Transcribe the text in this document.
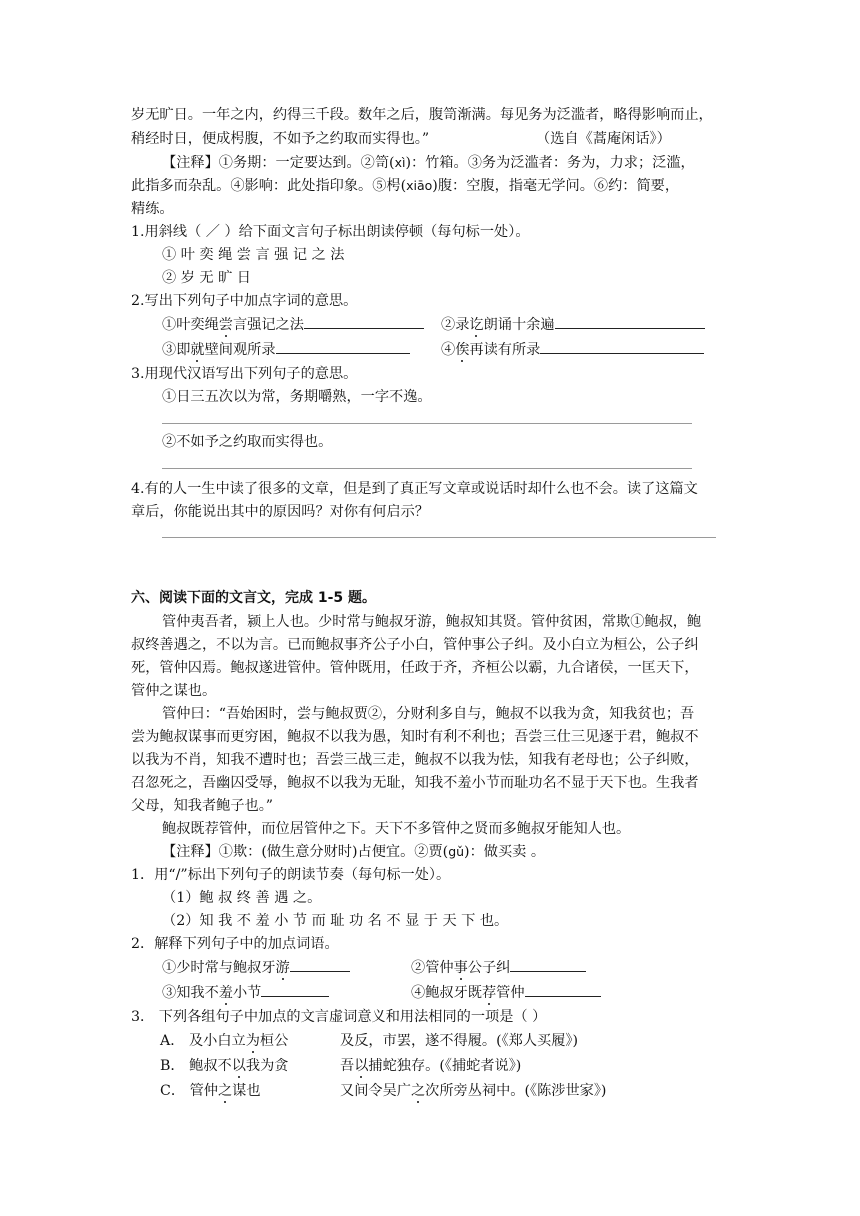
岁无旷日。一年之内，约得三千段。数年之后，腹笥渐满。每见务为泛滥者，略得影响而止，
稍经时日，便成枵腹，不如予之约取而实得也。”	（选自《蒿庵闲话》）
【注释】①务期：一定要达到。②笥(xì)：竹箱。③务为泛滥者：务为，力求；泛滥，
此指多而杂乱。④影响：此处指印象。⑤枵(xiāo)腹：空腹，指毫无学问。⑥约：简要，
精练。
1.用斜线（ ／ ）给下面文言句子标出朗读停顿（每句标一处）。
① 叶 奕 绳 尝 言 强 记 之 法
② 岁 无 旷 日
2.写出下列句子中加点字词的意思。
①叶奕绳尝言强记之法	②录讫朗诵十余遍
③即就壁间观所录	④俟再读有所录
3.用现代汉语写出下列句子的意思。
①日三五次以为常，务期嚼熟，一字不逸。
②不如予之约取而实得也。
4.有的人一生中读了很多的文章，但是到了真正写文章或说话时却什么也不会。读了这篇文
章后，你能说出其中的原因吗？对你有何启示？
六、阅读下面的文言文，完成 1-5 题。
管仲夷吾者，颍上人也。少时常与鲍叔牙游，鲍叔知其贤。管仲贫困，常欺①鲍叔，鲍
叔终善遇之，不以为言。已而鲍叔事齐公子小白，管仲事公子纠。及小白立为桓公，公子纠
死，管仲囚焉。鲍叔遂进管仲。管仲既用，任政于齐，齐桓公以霸，九合诸侯，一匡天下，
管仲之谋也。
管仲曰：“吾始困时，尝与鲍叔贾②，分财利多自与，鲍叔不以我为贪，知我贫也；吾
尝为鲍叔谋事而更穷困，鲍叔不以我为愚，知时有利不利也；吾尝三仕三见逐于君，鲍叔不
以我为不肖，知我不遭时也；吾尝三战三走，鲍叔不以我为怯，知我有老母也；公子纠败，
召忽死之，吾幽囚受辱，鲍叔不以我为无耻，知我不羞小节而耻功名不显于天下也。生我者
父母，知我者鲍子也。”
鲍叔既荐管仲，而位居管仲之下。天下不多管仲之贤而多鲍叔牙能知人也。
【注释】①欺：(做生意分财时)占便宜。②贾(gǔ)：做买卖 。
1．用“/”标出下列句子的朗读节奏（每句标一处）。
（1）鲍 叔 终 善 遇 之。
（2）知 我 不 羞 小 节 而 耻 功 名 不 显 于 天 下 也。
2．解释下列句子中的加点词语。
①少时常与鲍叔牙游	②管仲事公子纠
③知我不羞小节	④鲍叔牙既荐管仲
3． 下列各组句子中加点的文言虚词意义和用法相同的一项是（ ）
A． 及小白立为桓公	及反，市罢，遂不得履。(《郑人买履》)
B． 鲍叔不以我为贪	吾以捕蛇独存。(《捕蛇者说》)
C． 管仲之谋也	又间令吴广之次所旁丛祠中。(《陈涉世家》)
